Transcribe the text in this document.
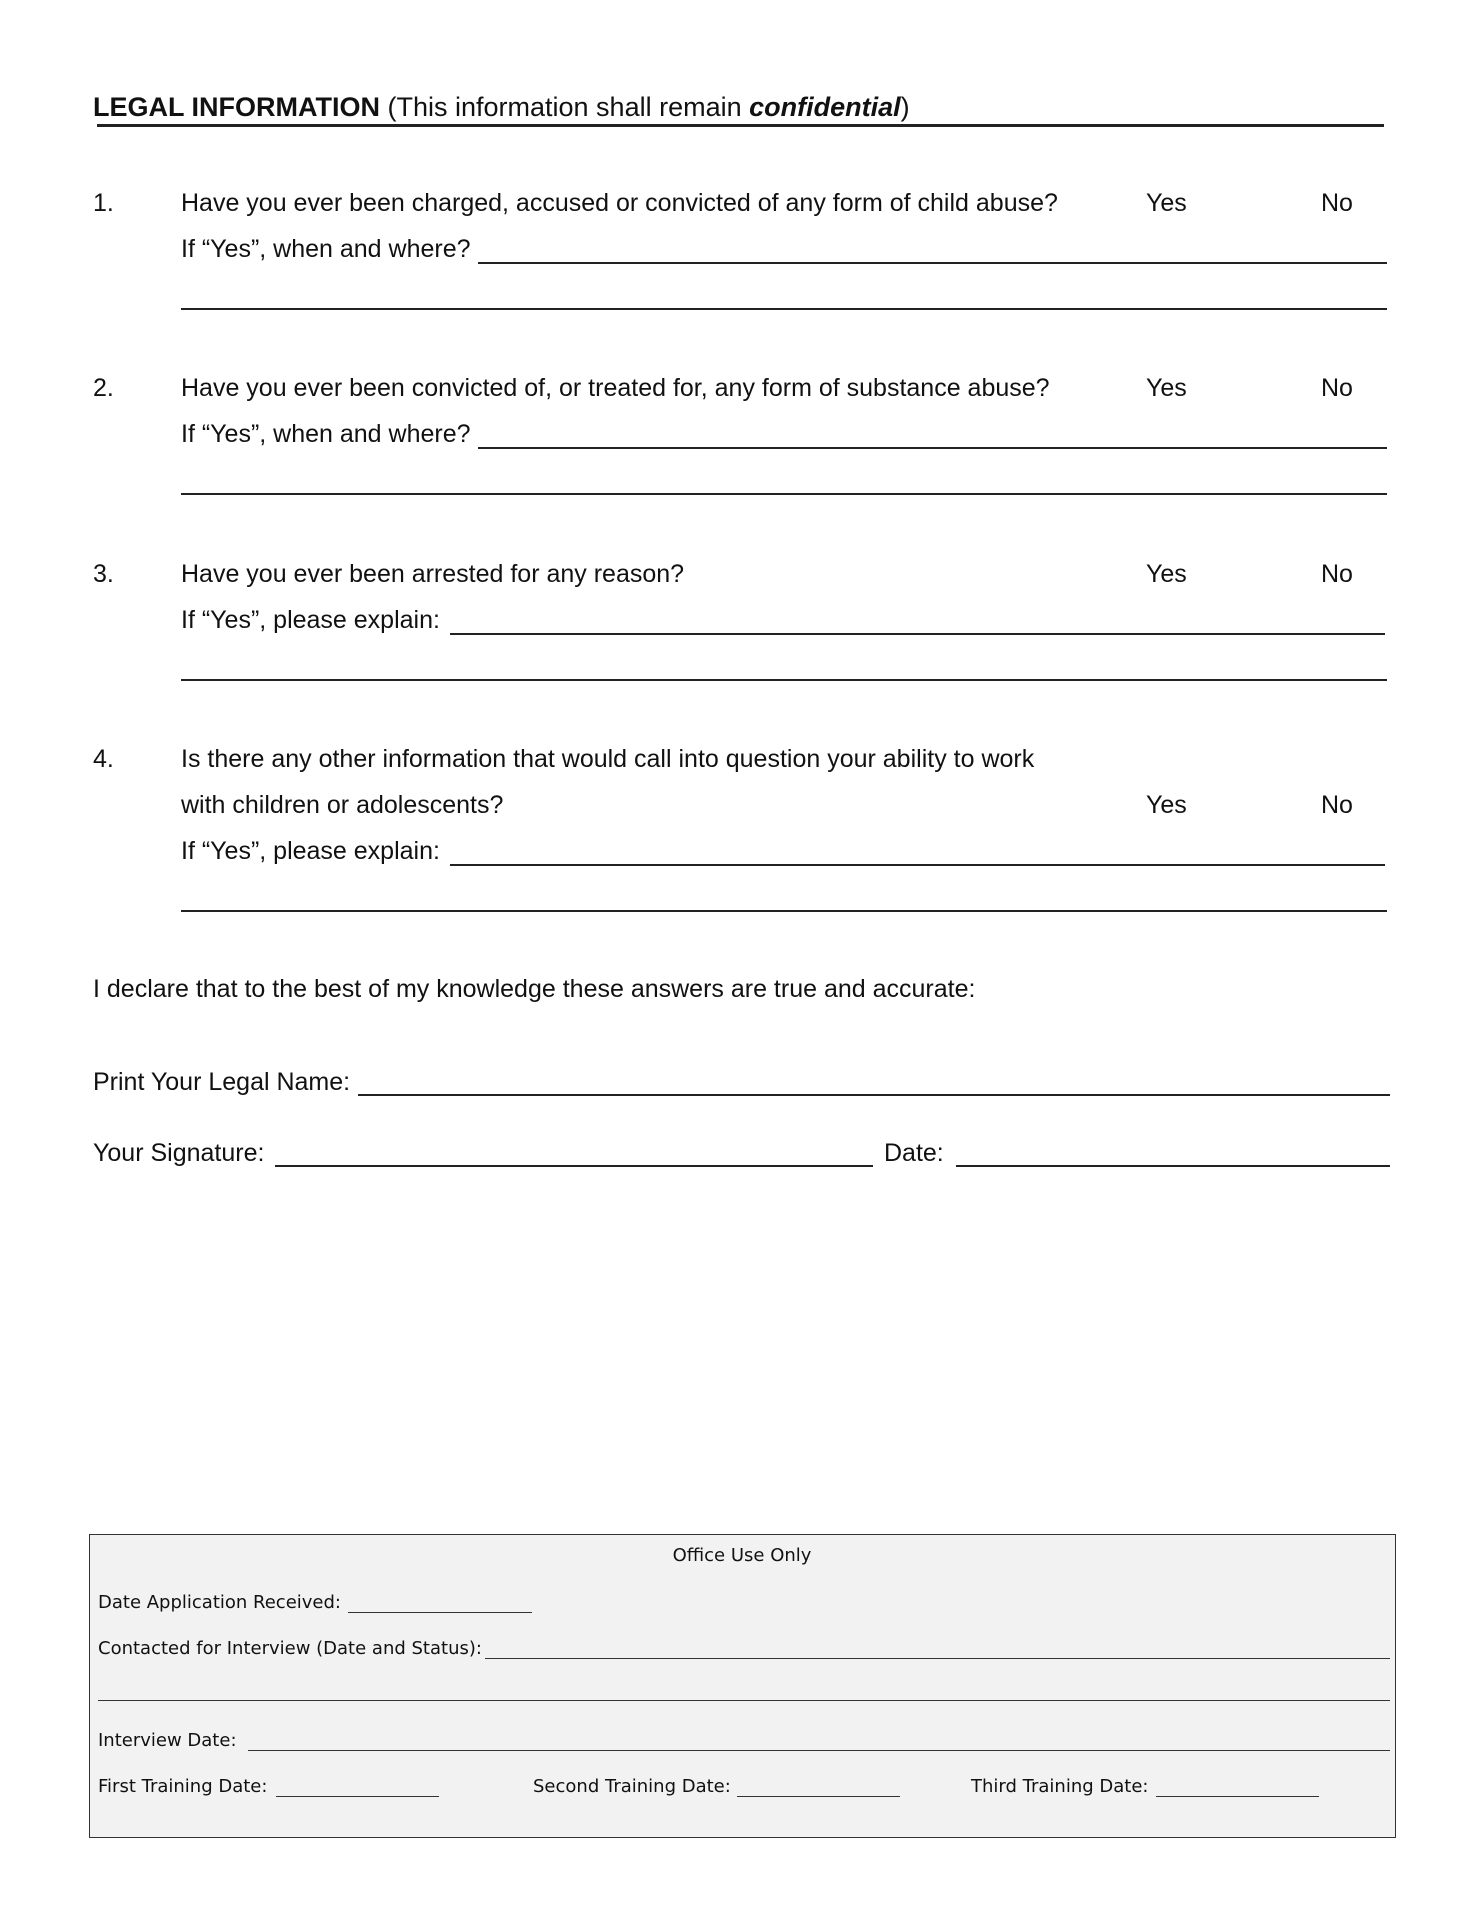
LEGAL INFORMATION (This information shall remain confidential)
1.	Have you ever been charged, accused or convicted of any form of child abuse?	Yes	No
If “Yes”, when and where?
2.	Have you ever been convicted of, or treated for, any form of substance abuse?	Yes	No
If “Yes”, when and where?
3.	Have you ever been arrested for any reason?	Yes	No
If “Yes”, please explain:
4.	Is there any other information that would call into question your ability to work
with children or adolescents?	Yes	No
If “Yes”, please explain:
I declare that to the best of my knowledge these answers are true and accurate:
Print Your Legal Name:
Your Signature:	Date:
Office Use Only
Date Application Received:
Contacted for Interview (Date and Status):
Interview Date:
First Training Date:	Second Training Date:	Third Training Date:
